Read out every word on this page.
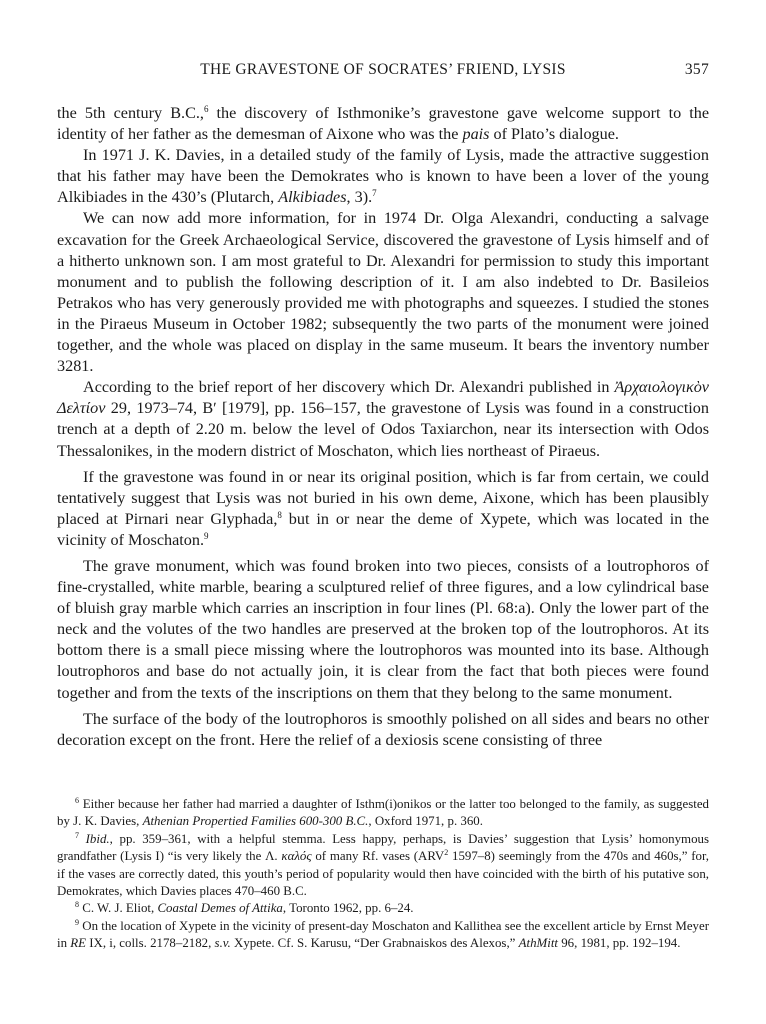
THE GRAVESTONE OF SOCRATES’ FRIEND, LYSIS	357

the 5th century B.C.,$^6$ the discovery of Isthmonike’s gravestone gave welcome support to the identity of her father as the demesman of Aixone who was the pais of Plato’s dialogue.

In 1971 J. K. Davies, in a detailed study of the family of Lysis, made the attractive suggestion that his father may have been the Demokrates who is known to have been a lover of the young Alkibiades in the 430’s (Plutarch, Alkibiades, 3).$^7$

We can now add more information, for in 1974 Dr. Olga Alexandri, conducting a salvage excavation for the Greek Archaeological Service, discovered the gravestone of Lysis himself and of a hitherto unknown son. I am most grateful to Dr. Alexandri for permission to study this important monument and to publish the following description of it. I am also indebted to Dr. Basileios Petrakos who has very generously provided me with photographs and squeezes. I studied the stones in the Piraeus Museum in October 1982; subsequently the two parts of the monument were joined together, and the whole was placed on display in the same museum. It bears the inventory number 3281.

According to the brief report of her discovery which Dr. Alexandri published in Ἀρχαιολογικὸν Δελτίον 29, 1973–74, Bʹ [1979], pp. 156–157, the gravestone of Lysis was found in a construction trench at a depth of 2.20 m. below the level of Odos Taxiarchon, near its intersection with Odos Thessalonikes, in the modern district of Moschaton, which lies northeast of Piraeus.

If the gravestone was found in or near its original position, which is far from certain, we could tentatively suggest that Lysis was not buried in his own deme, Aixone, which has been plausibly placed at Pirnari near Glyphada,$^8$ but in or near the deme of Xypete, which was located in the vicinity of Moschaton.$^9$

The grave monument, which was found broken into two pieces, consists of a loutrophoros of fine-crystalled, white marble, bearing a sculptured relief of three figures, and a low cylindrical base of bluish gray marble which carries an inscription in four lines (Pl. 68:a). Only the lower part of the neck and the volutes of the two handles are preserved at the broken top of the loutrophoros. At its bottom there is a small piece missing where the loutrophoros was mounted into its base. Although loutrophoros and base do not actually join, it is clear from the fact that both pieces were found together and from the texts of the inscriptions on them that they belong to the same monument.

The surface of the body of the loutrophoros is smoothly polished on all sides and bears no other decoration except on the front. Here the relief of a dexiosis scene consisting of three

$^6$ Either because her father had married a daughter of Isthm(i)onikos or the latter too belonged to the family, as suggested by J. K. Davies, Athenian Propertied Families 600-300 B.C., Oxford 1971, p. 360.

$^7$ Ibid., pp. 359–361, with a helpful stemma. Less happy, perhaps, is Davies’ suggestion that Lysis’ homonymous grandfather (Lysis I) “is very likely the Λ. καλός of many Rf. vases (ARV$^2$ 1597–8) seemingly from the 470s and 460s,” for, if the vases are correctly dated, this youth’s period of popularity would then have coincided with the birth of his putative son, Demokrates, which Davies places 470–460 B.C.

$^8$ C. W. J. Eliot, Coastal Demes of Attika, Toronto 1962, pp. 6–24.

$^9$ On the location of Xypete in the vicinity of present-day Moschaton and Kallithea see the excellent article by Ernst Meyer in RE IX, i, colls. 2178–2182, s.v. Xypete. Cf. S. Karusu, “Der Grabnaiskos des Alexos,” AthMitt 96, 1981, pp. 192–194.
